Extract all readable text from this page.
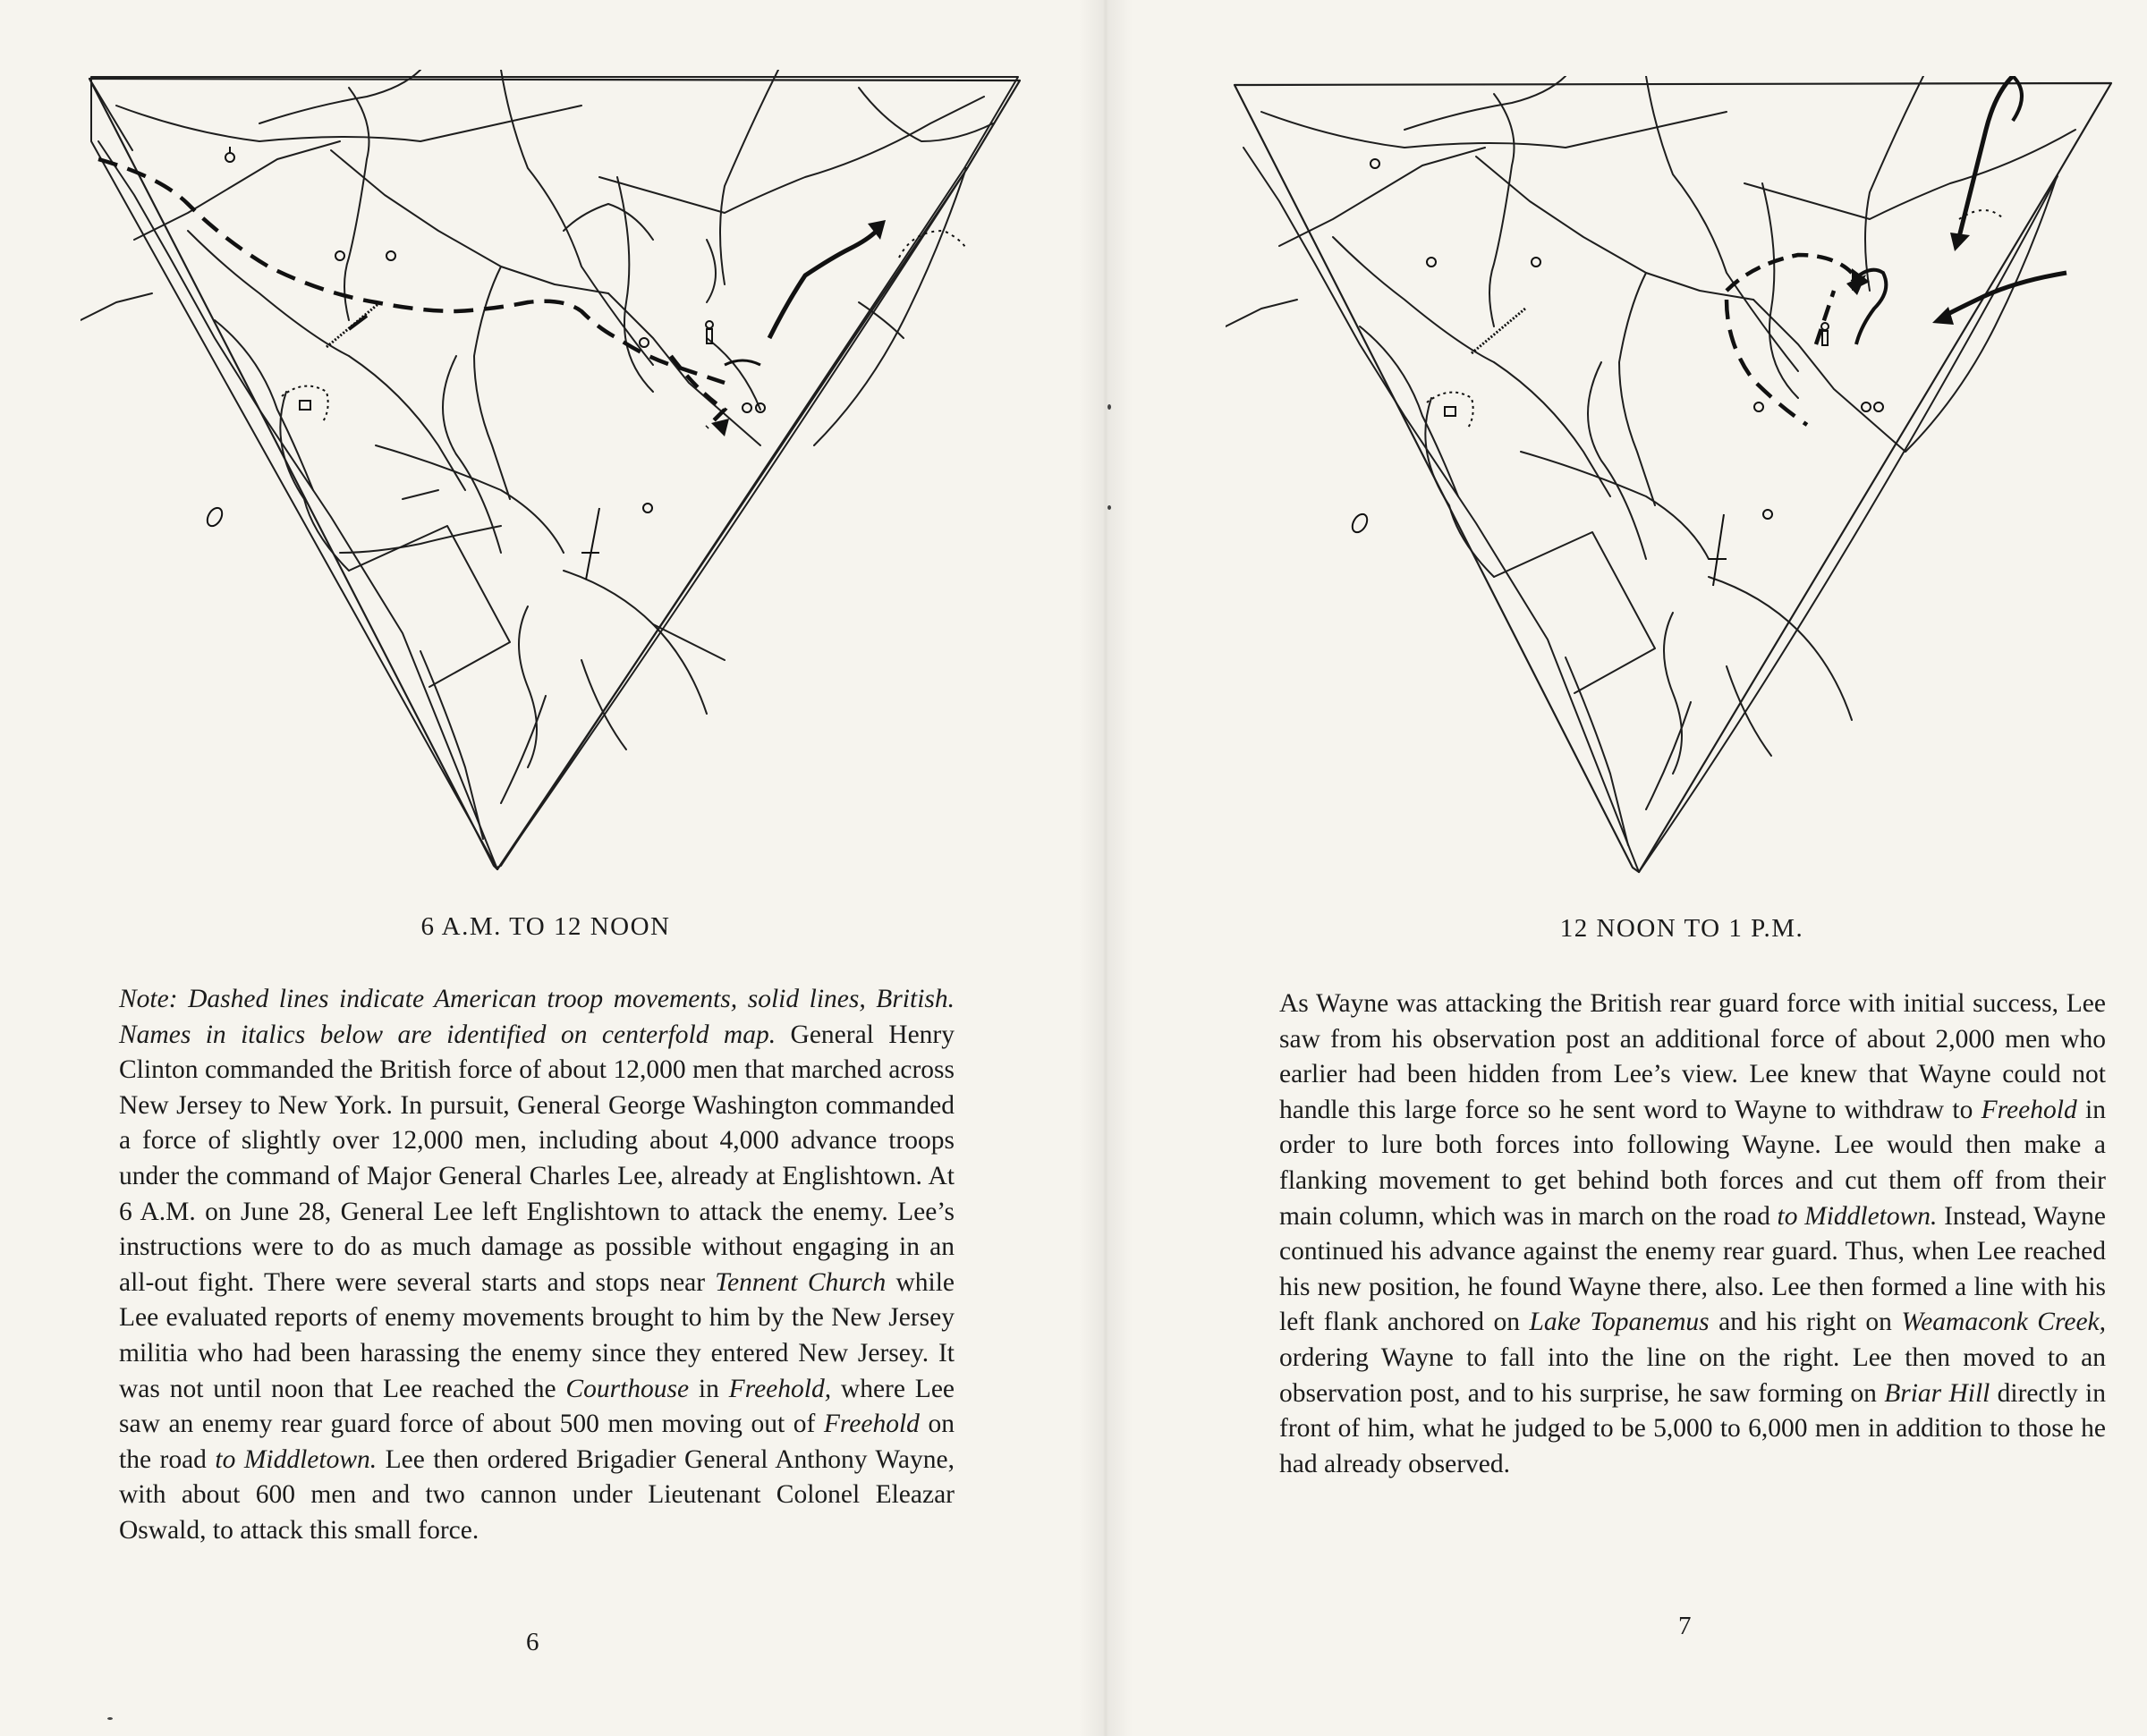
6 A.M. TO 12 NOON
Note: Dashed lines indicate American troop movements, solid lines, British. Names in italics below are identified on centerfold map. General Henry Clinton commanded the British force of about 12,000 men that marched across New Jersey to New York. In pursuit, General George Washington commanded a force of slightly over 12,000 men, including about 4,000 advance troops under the command of Major General Charles Lee, already at Englishtown. At 6 A.M. on June 28, General Lee left Englishtown to attack the enemy. Lee’s instructions were to do as much damage as possible without engaging in an all-out fight. There were several starts and stops near Tennent Church while Lee evaluated reports of enemy movements brought to him by the New Jersey militia who had been harassing the enemy since they entered New Jersey. It was not until noon that Lee reached the Courthouse in Freehold, where Lee saw an enemy rear guard force of about 500 men moving out of Freehold on the road to Middletown. Lee then ordered Brigadier General Anthony Wayne, with about 600 men and two cannon under Lieutenant Colonel Eleazar Oswald, to attack this small force.
6
12 NOON TO 1 P.M.
As Wayne was attacking the British rear guard force with initial success, Lee saw from his observation post an additional force of about 2,000 men who earlier had been hidden from Lee’s view. Lee knew that Wayne could not handle this large force so he sent word to Wayne to withdraw to Freehold in order to lure both forces into following Wayne. Lee would then make a flanking movement to get behind both forces and cut them off from their main column, which was in march on the road to Middletown. Instead, Wayne continued his advance against the enemy rear guard. Thus, when Lee reached his new position, he found Wayne there, also. Lee then formed a line with his left flank anchored on Lake Topanemus and his right on Weamaconk Creek, ordering Wayne to fall into the line on the right. Lee then moved to an observation post, and to his surprise, he saw forming on Briar Hill directly in front of him, what he judged to be 5,000 to 6,000 men in addition to those he had already observed.
7
